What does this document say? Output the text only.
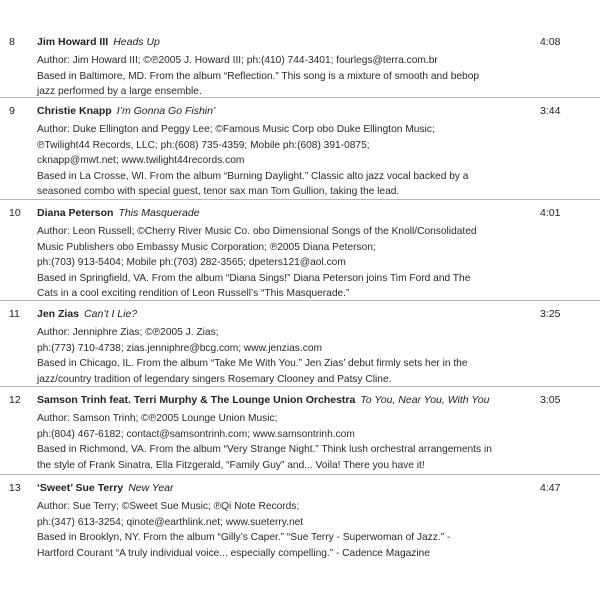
8 Jim Howard III Heads Up
Author: Jim Howard III; ©℗2005 J. Howard III; ph:(410) 744-3401; fourlegs@terra.com.br
Based in Baltimore, MD. From the album “Reflection.” This song is a mixture of smooth and bebop
jazz performed by a large ensemble.
4:08
9 Christie Knapp I’m Gonna Go Fishin’
Author: Duke Ellington and Peggy Lee; ©Famous Music Corp obo Duke Ellington Music;
℗Twilight44 Records, LLC; ph:(608) 735-4359; Mobile ph:(608) 391-0875;
cknapp@mwt.net; www.twilight44records.com
Based in La Crosse, WI. From the album “Burning Daylight.” Classic alto jazz vocal backed by a
seasoned combo with special guest, tenor sax man Tom Gullion, taking the lead.
3:44
10 Diana Peterson This Masquerade
Author: Leon Russell; ©Cherry River Music Co. obo Dimensional Songs of the Knoll/Consolidated
Music Publishers obo Embassy Music Corporation; ℗2005 Diana Peterson;
ph:(703) 913-5404; Mobile ph:(703) 282-3565; dpeters121@aol.com
Based in Springfield, VA. From the album “Diana Sings!” Diana Peterson joins Tim Ford and The
Cats in a cool exciting rendition of Leon Russell’s “This Masquerade.”
4:01
11 Jen Zias Can’t I Lie?
Author: Jenniphre Zias; ©℗2005 J. Zias;
ph:(773) 710-4738; zias.jenniphre@bcg.com; www.jenzias.com
Based in Chicago, IL. From the album “Take Me With You.” Jen Zias’ debut firmly sets her in the
jazz/country tradition of legendary singers Rosemary Clooney and Patsy Cline.
3:25
12 Samson Trinh feat. Terri Murphy & The Lounge Union Orchestra To You, Near You, With You
Author: Samson Trinh; ©℗2005 Lounge Union Music;
ph:(804) 467-6182; contact@samsontrinh.com; www.samsontrinh.com
Based in Richmond, VA. From the album “Very Strange Night.” Think lush orchestral arrangements in
the style of Frank Sinatra, Ella Fitzgerald, “Family Guy” and... Voila! There you have it!
3:05
13 ‘Sweet’ Sue Terry New Year
Author: Sue Terry; ©Sweet Sue Music; ℗Qi Note Records;
ph:(347) 613-3254; qinote@earthlink.net; www.sueterry.net
Based in Brooklyn, NY. From the album “Gilly’s Caper.” “Sue Terry - Superwoman of Jazz.” -
Hartford Courant “A truly individual voice... especially compelling.” - Cadence Magazine
4:47
